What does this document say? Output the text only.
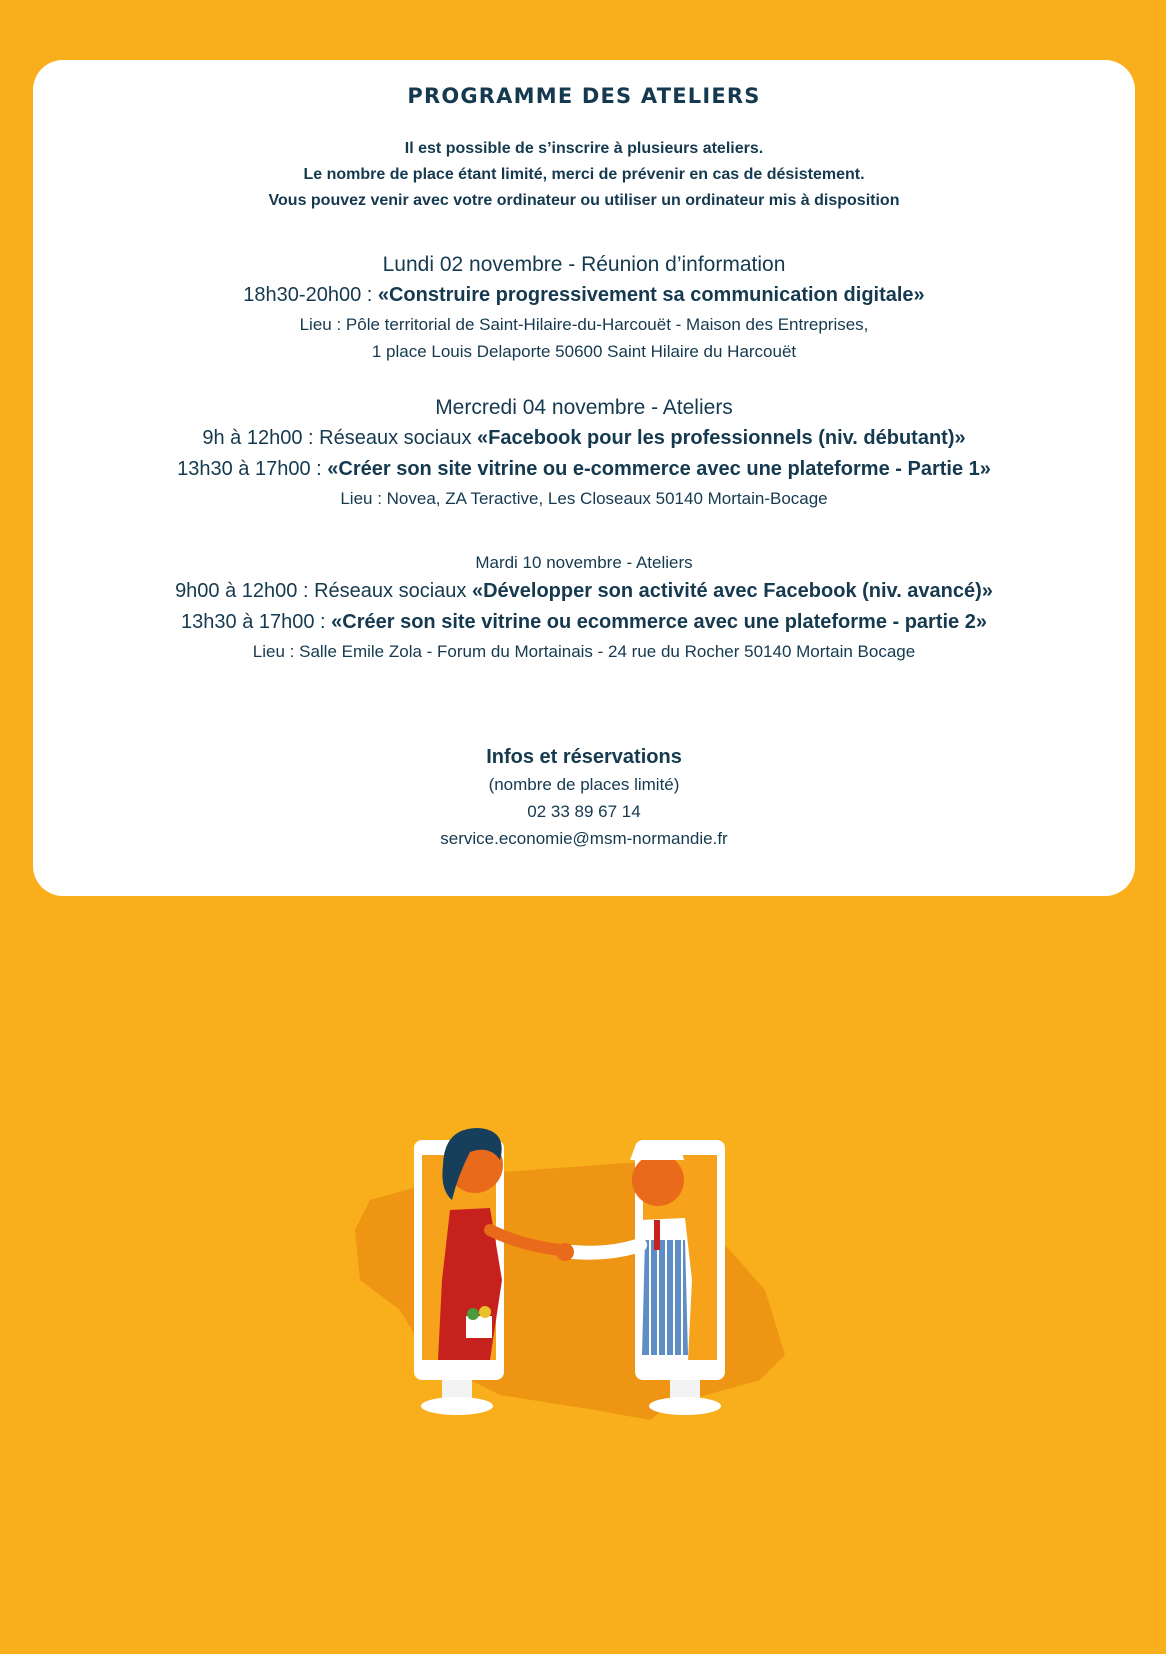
PROGRAMME DES ATELIERS
Il est possible de s’inscrire à plusieurs ateliers.
Le nombre de place étant limité, merci de prévenir en cas de désistement.
Vous pouvez venir avec votre ordinateur ou utiliser un ordinateur mis à disposition
Lundi 02 novembre - Réunion d’information
18h30-20h00 : «Construire progressivement sa communication digitale»
Lieu : Pôle territorial de Saint-Hilaire-du-Harcouët - Maison des Entreprises,
1 place Louis Delaporte 50600 Saint Hilaire du Harcouët
Mercredi 04 novembre - Ateliers
9h à 12h00 : Réseaux sociaux «Facebook pour les professionnels (niv. débutant)»
13h30 à 17h00 : «Créer son site vitrine ou e-commerce avec une plateforme - Partie 1»
Lieu : Novea, ZA Teractive, Les Closeaux 50140 Mortain-Bocage
Mardi 10 novembre - Ateliers
9h00 à 12h00 : Réseaux sociaux «Développer son activité avec Facebook (niv. avancé)»
13h30 à 17h00 : «Créer son site vitrine ou ecommerce avec une plateforme - partie 2»
Lieu : Salle Emile Zola - Forum du Mortainais - 24 rue du Rocher 50140 Mortain Bocage
Infos et réservations
(nombre de places limité)
02 33 89 67 14
service.economie@msm-normandie.fr
